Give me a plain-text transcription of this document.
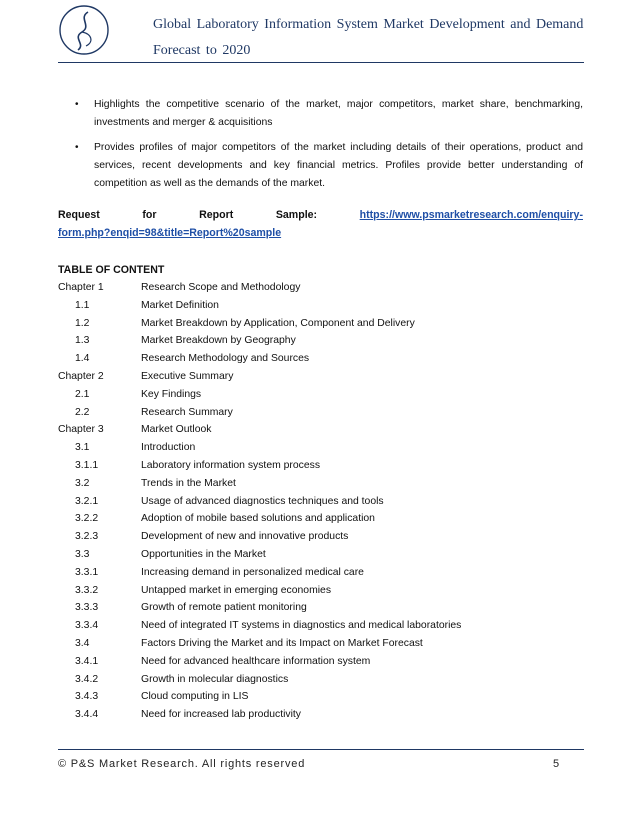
Global Laboratory Information System Market Development and Demand Forecast to 2020
• Highlights the competitive scenario of the market, major competitors, market share, benchmarking, investments and merger & acquisitions
• Provides profiles of major competitors of the market including details of their operations, product and services, recent developments and key financial metrics. Profiles provide better understanding of competition as well as the demands of the market.
Request	for	Report	Sample:	https://www.psmarketresearch.com/enquiry-
form.php?enqid=98&title=Report%20sample
TABLE OF CONTENT
Chapter 1	Research Scope and Methodology
1.1	Market Definition
1.2	Market Breakdown by Application, Component and Delivery
1.3	Market Breakdown by Geography
1.4	Research Methodology and Sources
Chapter 2	Executive Summary
2.1	Key Findings
2.2	Research Summary
Chapter 3	Market Outlook
3.1	Introduction
3.1.1	Laboratory information system process
3.2	Trends in the Market
3.2.1	Usage of advanced diagnostics techniques and tools
3.2.2	Adoption of mobile based solutions and application
3.2.3	Development of new and innovative products
3.3	Opportunities in the Market
3.3.1	Increasing demand in personalized medical care
3.3.2	Untapped market in emerging economies
3.3.3	Growth of remote patient monitoring
3.3.4	Need of integrated IT systems in diagnostics and medical laboratories
3.4	Factors Driving the Market and its Impact on Market Forecast
3.4.1	Need for advanced healthcare information system
3.4.2	Growth in molecular diagnostics
3.4.3	Cloud computing in LIS
3.4.4	Need for increased lab productivity
© P&S Market Research. All rights reserved	5
